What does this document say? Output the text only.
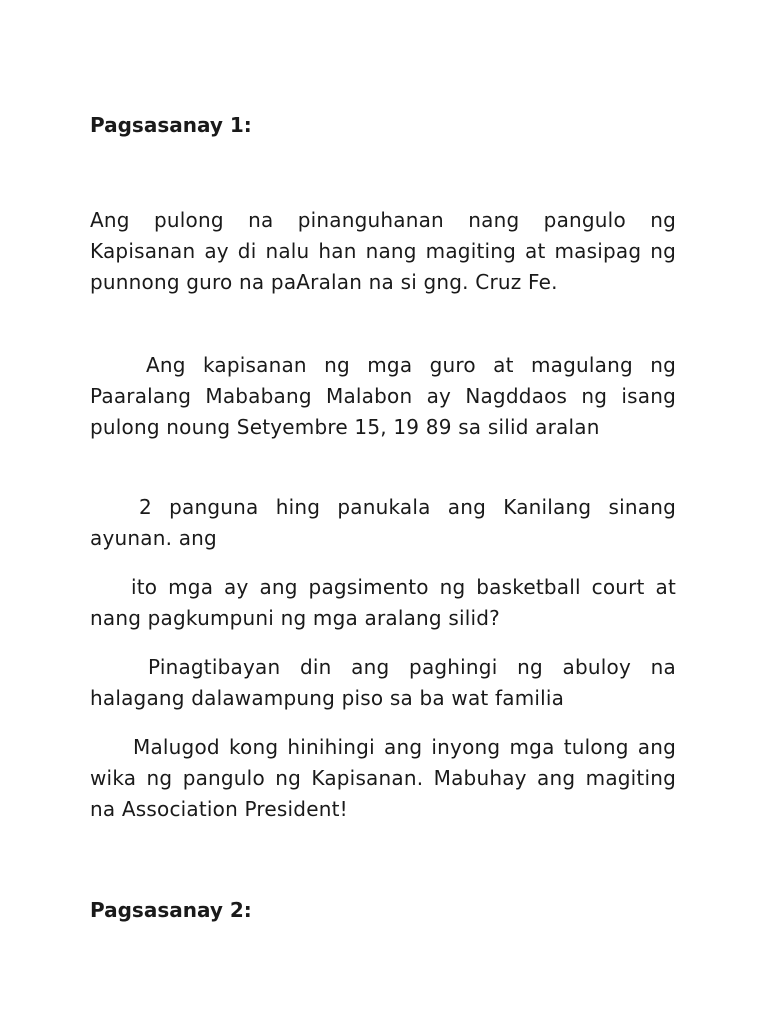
Pagsasanay 1:

Ang pulong na pinanguhanan nang pangulo ng Kapisanan ay di nalu han nang magiting at masipag ng punnong guro na paAralan na si gng. Cruz Fe.

Ang kapisanan ng mga guro at magulang ng Paaralang Mababang Malabon ay Nagddaos ng isang pulong noung Setyembre 15, 19 89 sa silid aralan

2 panguna hing panukala ang Kanilang sinang ayunan. ang

ito mga ay ang pagsimento ng basketball court at nang pagkumpuni ng mga aralang silid?

Pinagtibayan din ang paghingi ng abuloy na halagang dalawampung piso sa ba wat familia

Malugod kong hinihingi ang inyong mga tulong ang wika ng pangulo ng Kapisanan. Mabuhay ang magiting na Association President!

Pagsasanay 2:
